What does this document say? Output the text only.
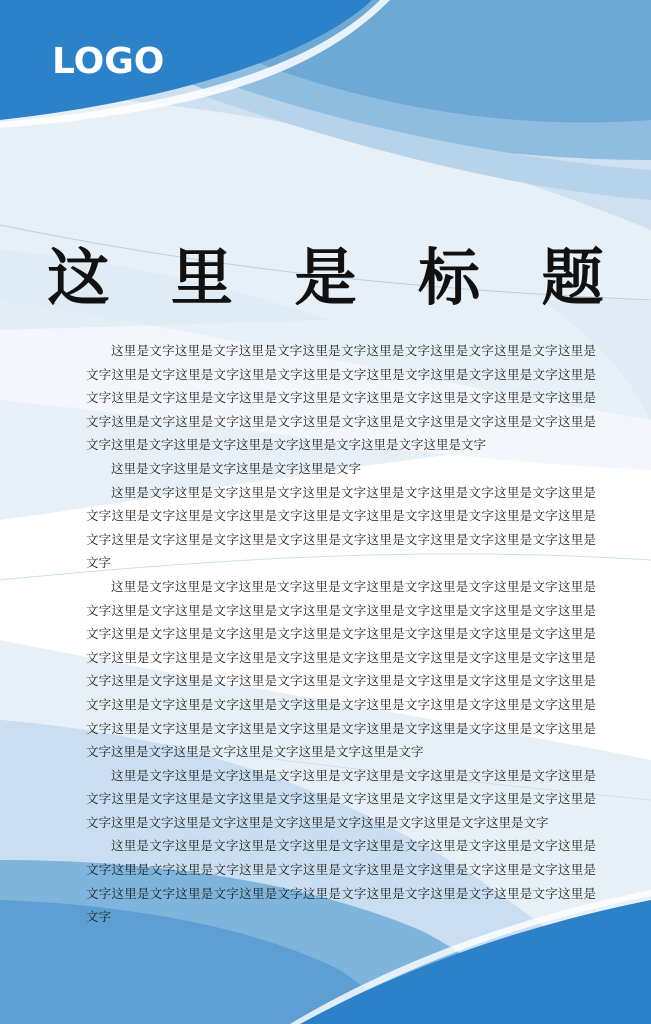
LOGO
这 里 是 标 题

这里是文字这里是文字这里是文字这里是文字这里是文字这里是文字这里是文字这里是文字这里是文字这里是文字这里是文字这里是文字这里是文字这里是文字这里是文字这里是文字这里是文字这里是文字这里是文字这里是文字这里是文字这里是文字这里是文字这里是文字这里是文字这里是文字这里是文字这里是文字这里是文字这里是文字这里是文字这里是文字这里是文字这里是文字这里是文字这里是文字这里是文字这里是文字

这里是文字这里是文字这里是文字这里是文字

这里是文字这里是文字这里是文字这里是文字这里是文字这里是文字这里是文字这里是文字这里是文字这里是文字这里是文字这里是文字这里是文字这里是文字这里是文字这里是文字这里是文字这里是文字这里是文字这里是文字这里是文字这里是文字这里是文字这里是文字

这里是文字这里是文字这里是文字这里是文字这里是文字这里是文字这里是文字这里是文字这里是文字这里是文字这里是文字这里是文字这里是文字这里是文字这里是文字这里是文字这里是文字这里是文字这里是文字这里是文字这里是文字这里是文字这里是文字这里是文字这里是文字这里是文字这里是文字这里是文字这里是文字这里是文字这里是文字这里是文字这里是文字这里是文字这里是文字这里是文字这里是文字这里是文字这里是文字这里是文字这里是文字这里是文字这里是文字这里是文字这里是文字这里是文字这里是文字这里是文字这里是文字这里是文字这里是文字这里是文字这里是文字这里是文字这里是文字这里是文字这里是文字这里是文字这里是文字这里是文字这里是文字

这里是文字这里是文字这里是文字这里是文字这里是文字这里是文字这里是文字这里是文字这里是文字这里是文字这里是文字这里是文字这里是文字这里是文字这里是文字这里是文字这里是文字这里是文字这里是文字这里是文字这里是文字这里是文字这里是文字

这里是文字这里是文字这里是文字这里是文字这里是文字这里是文字这里是文字这里是文字这里是文字这里是文字这里是文字这里是文字这里是文字这里是文字这里是文字这里是文字这里是文字这里是文字这里是文字这里是文字这里是文字这里是文字这里是文字这里是文字
